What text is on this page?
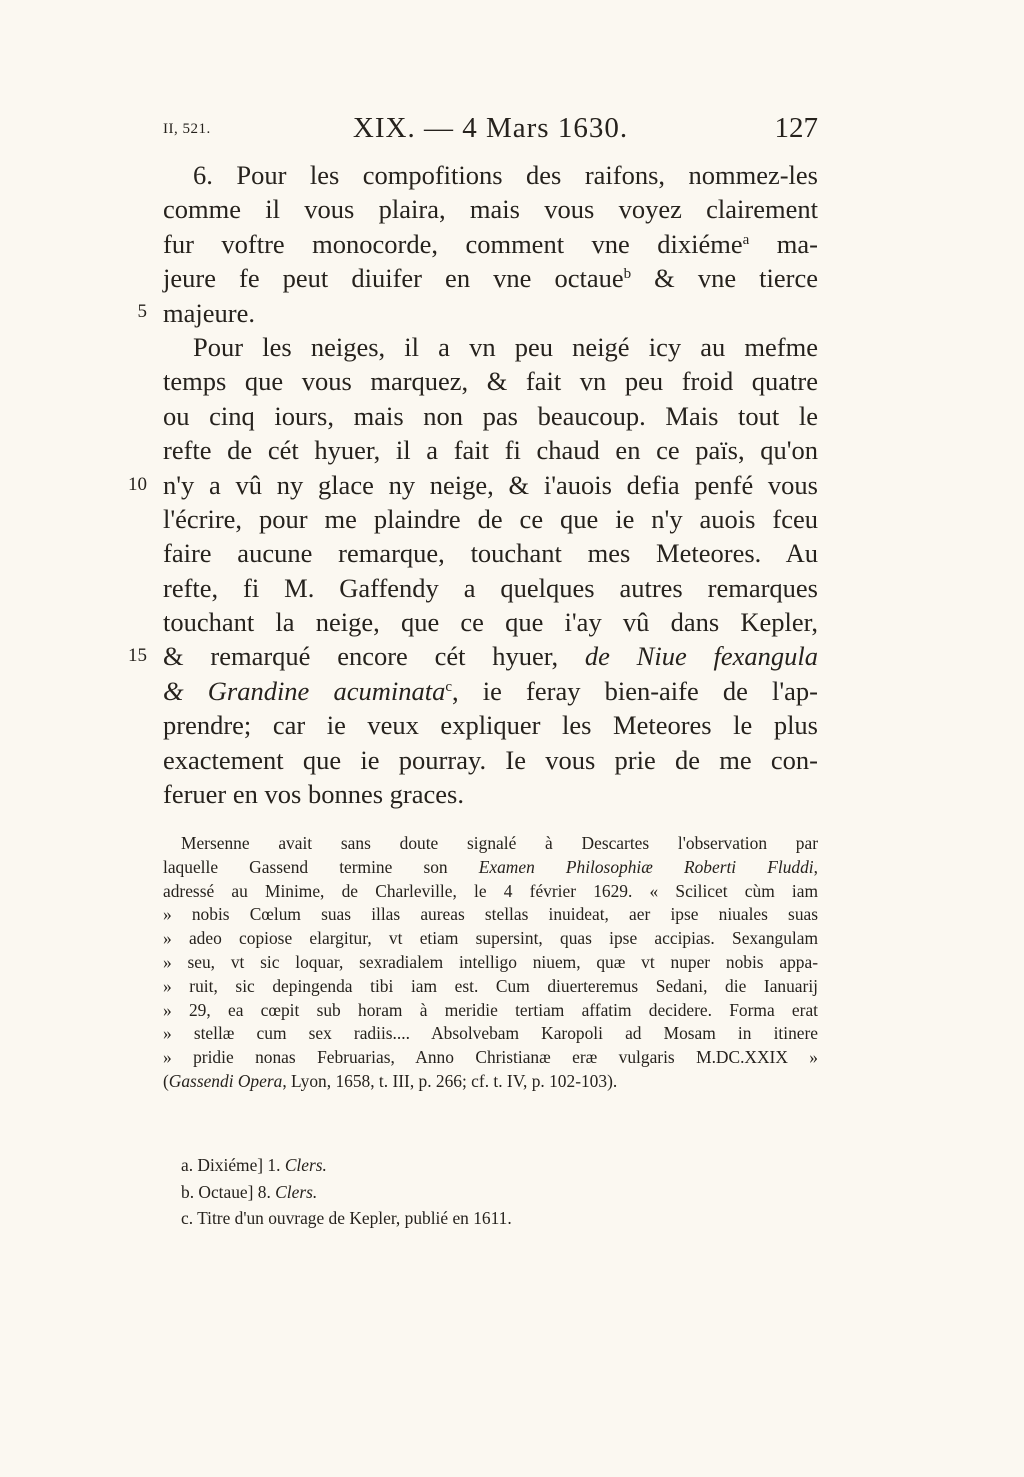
II, 521.	XIX. — 4 Mars 1630.	127
5
10
15
6. Pour les compofitions des raifons, nommez-les
comme il vous plaira, mais vous voyez clairement
fur voftre monocorde, comment vne dixiéme$^a$ ma-
jeure fe peut diuifer en vne octaue$^b$ & vne tierce
majeure.
Pour les neiges, il a vn peu neigé icy au mefme
temps que vous marquez, & fait vn peu froid quatre
ou cinq iours, mais non pas beaucoup. Mais tout le
refte de cét hyuer, il a fait fi chaud en ce païs, qu'on
n'y a vû ny glace ny neige, & i'auois defia penfé vous
l'écrire, pour me plaindre de ce que ie n'y auois fceu
faire aucune remarque, touchant mes Meteores. Au
refte, fi M. Gaffendy a quelques autres remarques
touchant la neige, que ce que i'ay vû dans Kepler,
& remarqué encore cét hyuer, de Niue fexangula
& Grandine acuminata$^c$, ie feray bien-aife de l'ap-
prendre; car ie veux expliquer les Meteores le plus
exactement que ie pourray. Ie vous prie de me con-
feruer en vos bonnes graces.
Mersenne avait sans doute signalé à Descartes l'observation par
laquelle Gassend termine son Examen Philosophiæ Roberti Fluddi,
adressé au Minime, de Charleville, le 4 février 1629. « Scilicet cùm iam
» nobis Cœlum suas illas aureas stellas inuideat, aer ipse niuales suas
» adeo copiose elargitur, vt etiam supersint, quas ipse accipias. Sexangulam
» seu, vt sic loquar, sexradialem intelligo niuem, quæ vt nuper nobis appa-
» ruit, sic depingenda tibi iam est. Cum diuerteremus Sedani, die Ianuarij
» 29, ea cœpit sub horam à meridie tertiam affatim decidere. Forma erat
» stellæ cum sex radiis.... Absolvebam Karopoli ad Mosam in itinere
» pridie nonas Februarias, Anno Christianæ eræ vulgaris M.DC.XXIX »
(Gassendi Opera, Lyon, 1658, t. III, p. 266; cf. t. IV, p. 102-103).
a. Dixiéme] 1. Clers.
b. Octaue] 8. Clers.
c. Titre d'un ouvrage de Kepler, publié en 1611.
